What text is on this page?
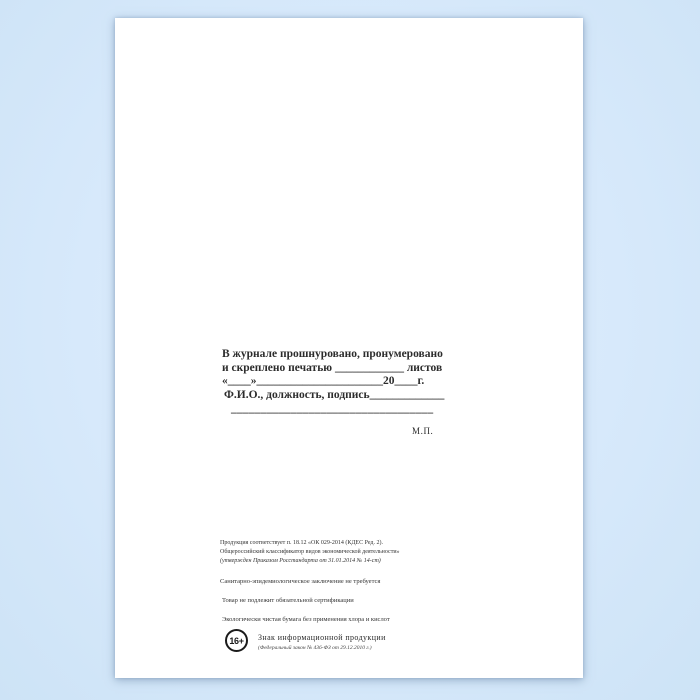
В журнале прошнуровано, пронумеровано
и скреплено печатью ____________ листов
«____»______________________20____г.
Ф.И.О., должность, подпись_____________
__________________________________
М.П.
Продукция соответствует п. 18.12 «ОК 029-2014 (КДЕС Ред. 2).
Общероссийский классификатор видов экономической деятельности»
(утвержден Приказом Росстандарта от 31.01.2014 № 14-ст)
Санитарно-эпидемиологическое заключение не требуется
Товар не подлежит обязательной сертификации
Экологически чистая бумага без применения хлора и кислот
16+	Знак информационной продукции
(Федеральный закон № 436-ФЗ от 29.12.2010 г.)
